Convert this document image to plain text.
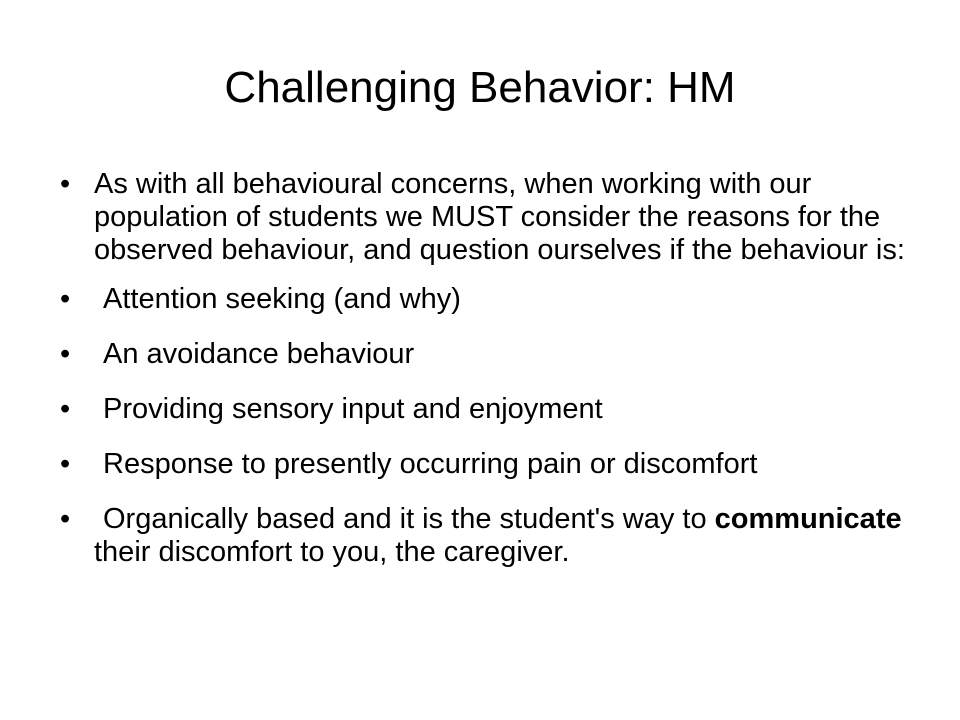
Challenging Behavior: HM
• As with all behavioural concerns, when working with our population of students we MUST consider the reasons for the observed behaviour, and question ourselves if the behaviour is:
•	Attention seeking (and why)
•	An avoidance behaviour
•	Providing sensory input and enjoyment
•	Response to presently occurring pain or discomfort
•	Organically based and it is the student's way to communicate their discomfort to you, the caregiver.
